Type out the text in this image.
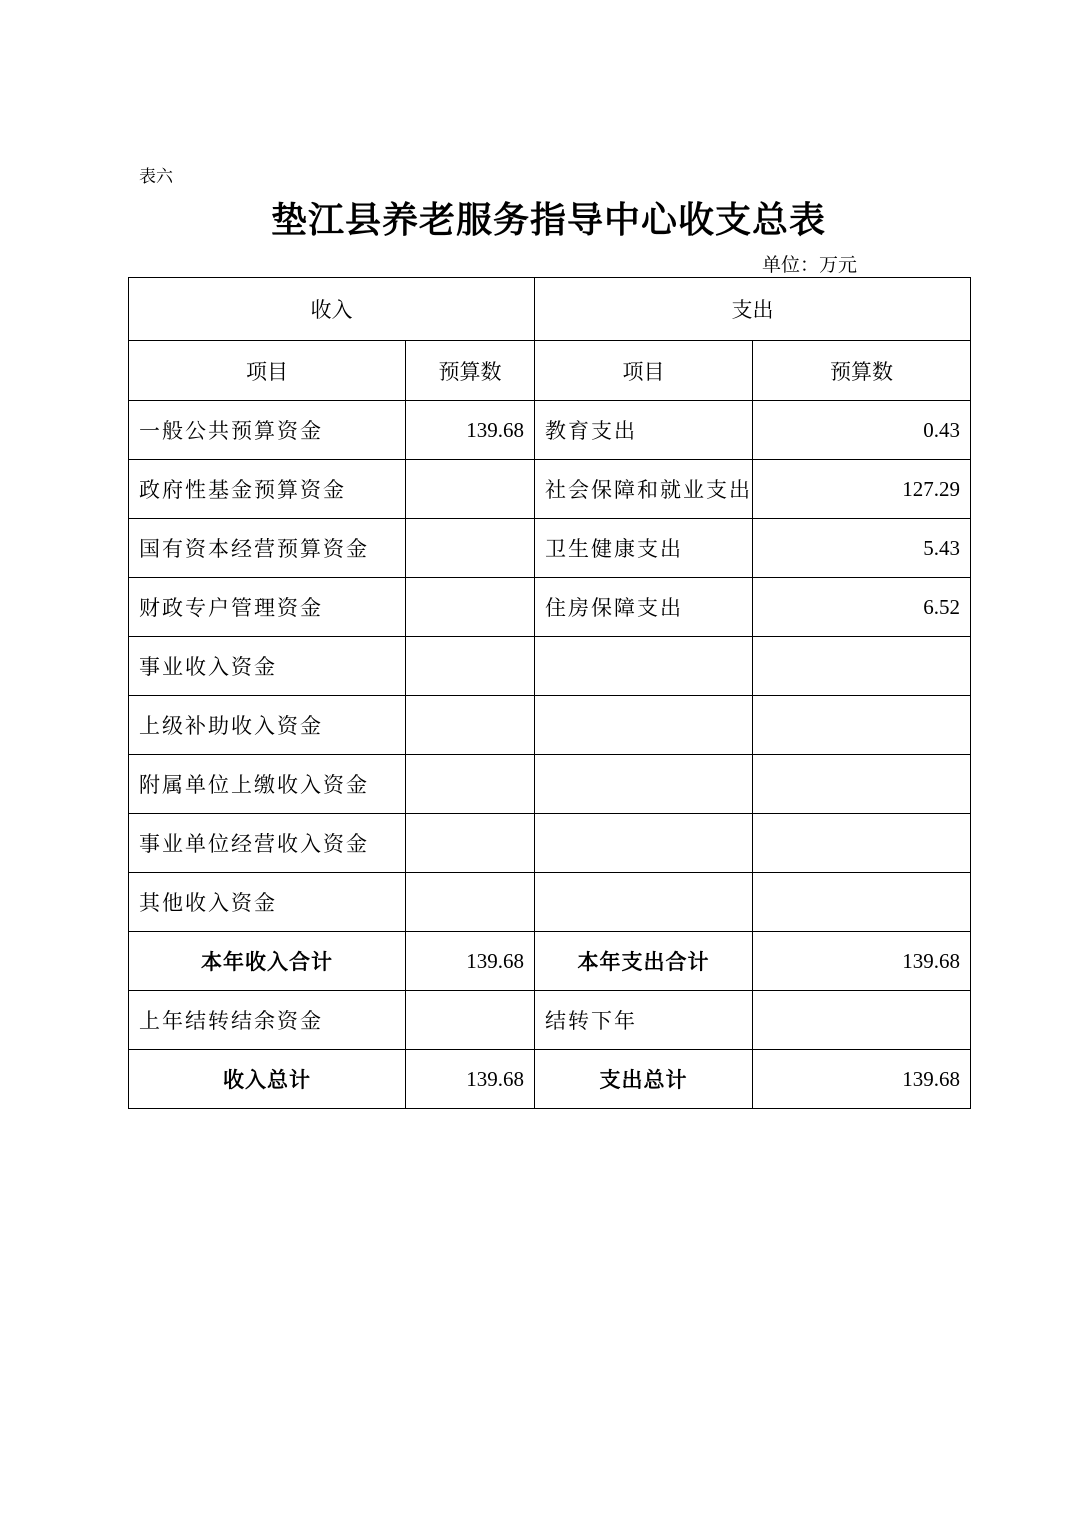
表六
垫江县养老服务指导中心收支总表
单位：万元
收入		支出	
项目	预算数	项目	预算数
一般公共预算资金	139.68	教育支出	0.43
政府性基金预算资金		社会保障和就业支出	127.29
国有资本经营预算资金		卫生健康支出	5.43
财政专户管理资金		住房保障支出	6.52
事业收入资金			
上级补助收入资金			
附属单位上缴收入资金			
事业单位经营收入资金			
其他收入资金			
本年收入合计	139.68	本年支出合计	139.68
上年结转结余资金		结转下年	
收入总计	139.68	支出总计	139.68
